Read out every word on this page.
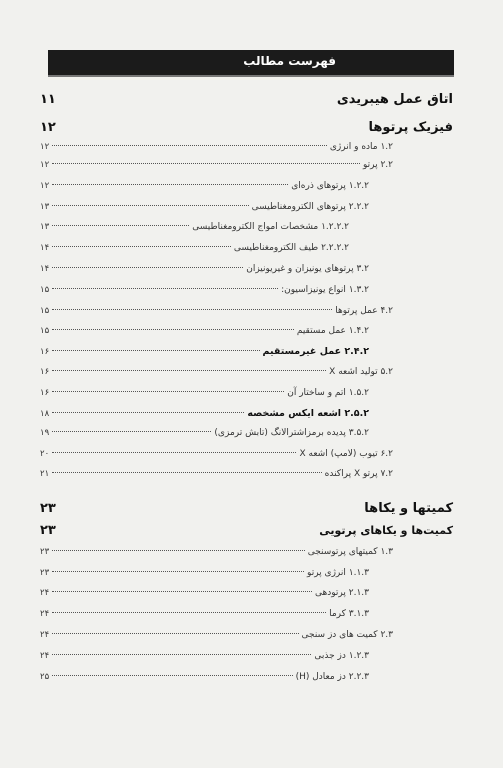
فهرست مطالب
اتاق عمل هیبریدی
۱۱
فیزیک پرتوها
۱۲
۱.۲ ماده و انرژی
۱۲
۲.۲ پرتو
۱۲
۱.۲.۲ پرتوهای ذره‌ای
۱۲
۲.۲.۲ پرتوهای الکترومغناطیسی
۱۳
۱.۲.۲.۲ مشخصات امواج الکترومغناطیسی
۱۳
۲.۲.۲.۲ طیف الکترومغناطیسی
۱۴
۳.۲ پرتوهای یونیزان و غیریونیزان
۱۴
۱.۳.۲ انواع یونیزاسیون:
۱۵
۴.۲ عمل پرتوها
۱۵
۱.۴.۲ عمل مستقیم
۱۵
۲.۴.۲ عمل غیرمستقیم
۱۶
۵.۲ تولید اشعه X
۱۶
۱.۵.۲ اتم و ساختار آن
۱۶
۲.۵.۲ اشعه ایکس مشخصه
۱۸
۳.۵.۲ پدیده برمزاشترالانگ (تابش ترمزی)
۱۹
۶.۲ تیوب (لامپ) اشعه X
۲۰
۷.۲ پرتو X پراکنده
۲۱
کمیتها و یکاها
۲۳
کمیت‌ها و یکاهای پرتویی
۲۳
۱.۳ کمیتهای پرتوسنجی
۲۳
۱.۱.۳ انرژی پرتو
۲۳
۲.۱.۳ پرتودهی
۲۴
۳.۱.۳ کرما
۲۴
۲.۳ کمیت های دز سنجی
۲۴
۱.۲.۳ دز جذبی
۲۴
۲.۲.۳ دز معادل (H)
۲۵
